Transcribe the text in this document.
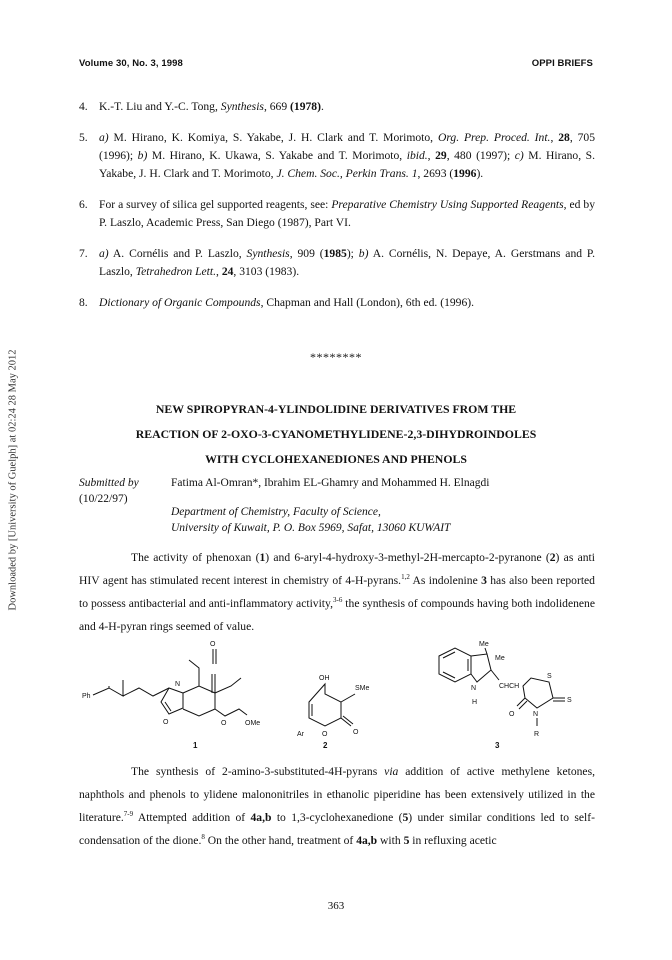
Volume 30, No. 3, 1998	OPPI BRIEFS
Downloaded by [University of Guelph] at 02:24 28 May 2012
4. K.-T. Liu and Y.-C. Tong, Synthesis, 669 (1978).
5. a) M. Hirano, K. Komiya, S. Yakabe, J. H. Clark and T. Morimoto, Org. Prep. Proced. Int., 28, 705 (1996); b) M. Hirano, K. Ukawa, S. Yakabe and T. Morimoto, ibid., 29, 480 (1997); c) M. Hirano, S. Yakabe, J. H. Clark and T. Morimoto, J. Chem. Soc., Perkin Trans. 1, 2693 (1996).
6. For a survey of silica gel supported reagents, see: Preparative Chemistry Using Supported Reagents, ed by P. Laszlo, Academic Press, San Diego (1987), Part VI.
7. a) A. Cornélis and P. Laszlo, Synthesis, 909 (1985); b) A. Cornélis, N. Depaye, A. Gerstmans and P. Laszlo, Tetrahedron Lett., 24, 3103 (1983).
8. Dictionary of Organic Compounds, Chapman and Hall (London), 6th ed. (1996).
********
NEW SPIROPYRAN-4-YLINDOLIDINE DERIVATIVES FROM THE
REACTION OF 2-OXO-3-CYANOMETHYLIDENE-2,3-DIHYDROINDOLES
WITH CYCLOHEXANEDIONES AND PHENOLS
Submitted by
(10/22/97)
Fatima Al-Omran*, Ibrahim EL-Ghamry and Mohammed H. Elnagdi
Department of Chemistry, Faculty of Science,
University of Kuwait, P. O. Box 5969, Safat, 13060 KUWAIT
The activity of phenoxan (1) and 6-aryl-4-hydroxy-3-methyl-2H-mercapto-2-pyranone (2) as anti HIV agent has stimulated recent interest in chemistry of 4-H-pyrans.$^{1,2}$ As indolenine 3 has also been reported to possess antibacterial and anti-inflammatory activity,$^{3-6}$ the synthesis of compounds having both indolidenene and 4-H-pyran rings seemed of value.
Ph
N
O
O
O	OMe
1
OH
SMe
Ar	O	O
2
Me
Me
N
H
CHCH
S
S
O	N
R
3
The synthesis of 2-amino-3-substituted-4H-pyrans via addition of active methylene ketones, naphthols and phenols to ylidene malononitriles in ethanolic piperidine has been extensively utilized in the literature.$^{7-9}$ Attempted addition of 4a,b to 1,3-cyclohexanedione (5) under similar conditions led to self-condensation of the dione.$^8$ On the other hand, treatment of 4a,b with 5 in refluxing acetic
363
